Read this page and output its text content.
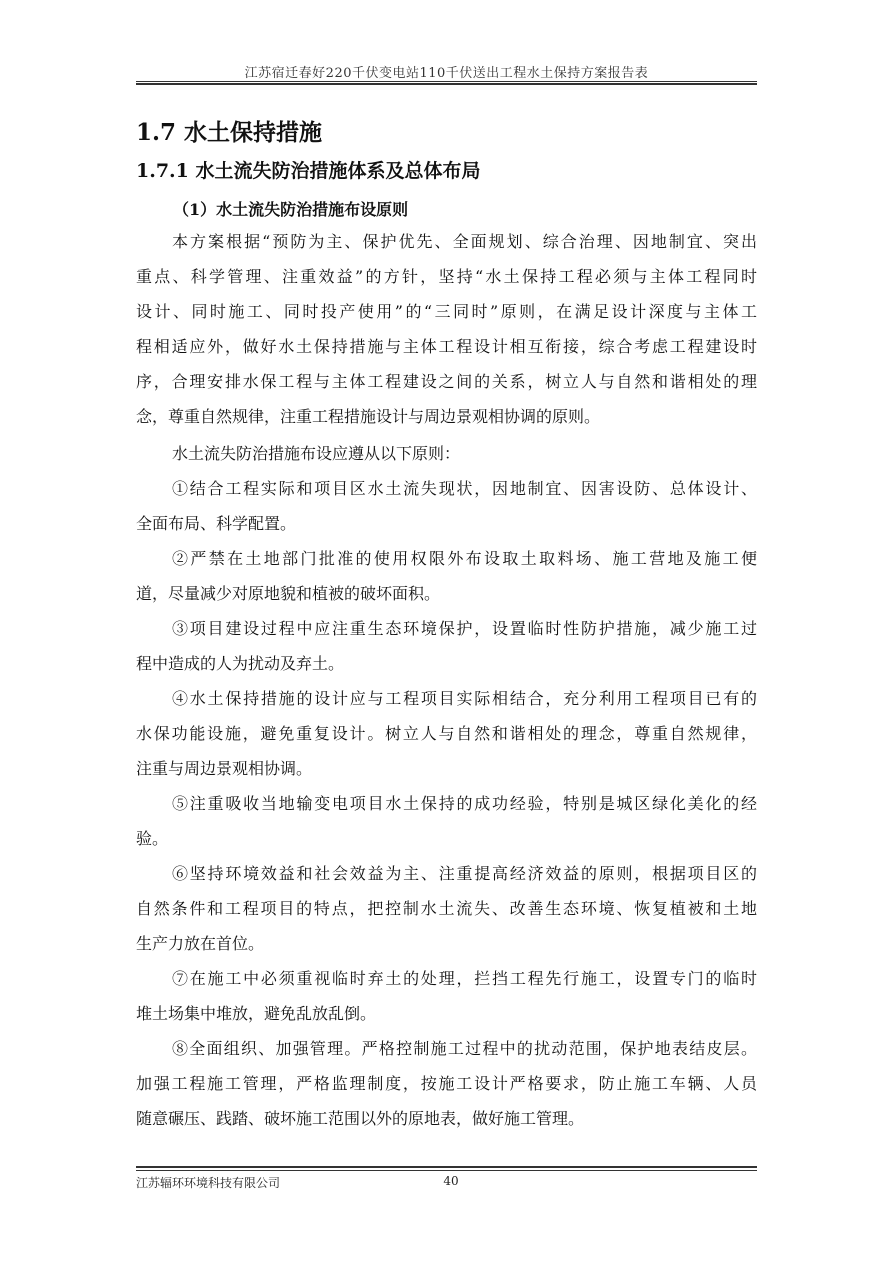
江苏宿迁春好220千伏变电站110千伏送出工程水土保持方案报告表
1.7 水土保持措施
1.7.1 水土流失防治措施体系及总体布局
（1）水土流失防治措施布设原则
本方案根据“预防为主、保护优先、全面规划、综合治理、因地制宜、突出
重点、科学管理、注重效益”的方针，坚持“水土保持工程必须与主体工程同时
设计、同时施工、同时投产使用”的“三同时”原则，在满足设计深度与主体工
程相适应外，做好水土保持措施与主体工程设计相互衔接，综合考虑工程建设时
序，合理安排水保工程与主体工程建设之间的关系，树立人与自然和谐相处的理
念，尊重自然规律，注重工程措施设计与周边景观相协调的原则。
水土流失防治措施布设应遵从以下原则：
①结合工程实际和项目区水土流失现状，因地制宜、因害设防、总体设计、
全面布局、科学配置。
②严禁在土地部门批准的使用权限外布设取土取料场、施工营地及施工便
道，尽量减少对原地貌和植被的破坏面积。
③项目建设过程中应注重生态环境保护，设置临时性防护措施，减少施工过
程中造成的人为扰动及弃土。
④水土保持措施的设计应与工程项目实际相结合，充分利用工程项目已有的
水保功能设施，避免重复设计。树立人与自然和谐相处的理念，尊重自然规律，
注重与周边景观相协调。
⑤注重吸收当地输变电项目水土保持的成功经验，特别是城区绿化美化的经
验。
⑥坚持环境效益和社会效益为主、注重提高经济效益的原则，根据项目区的
自然条件和工程项目的特点，把控制水土流失、改善生态环境、恢复植被和土地
生产力放在首位。
⑦在施工中必须重视临时弃土的处理，拦挡工程先行施工，设置专门的临时
堆土场集中堆放，避免乱放乱倒。
⑧全面组织、加强管理。严格控制施工过程中的扰动范围，保护地表结皮层。
加强工程施工管理，严格监理制度，按施工设计严格要求，防止施工车辆、人员
随意碾压、践踏、破坏施工范围以外的原地表，做好施工管理。
江苏辐环环境科技有限公司	40
